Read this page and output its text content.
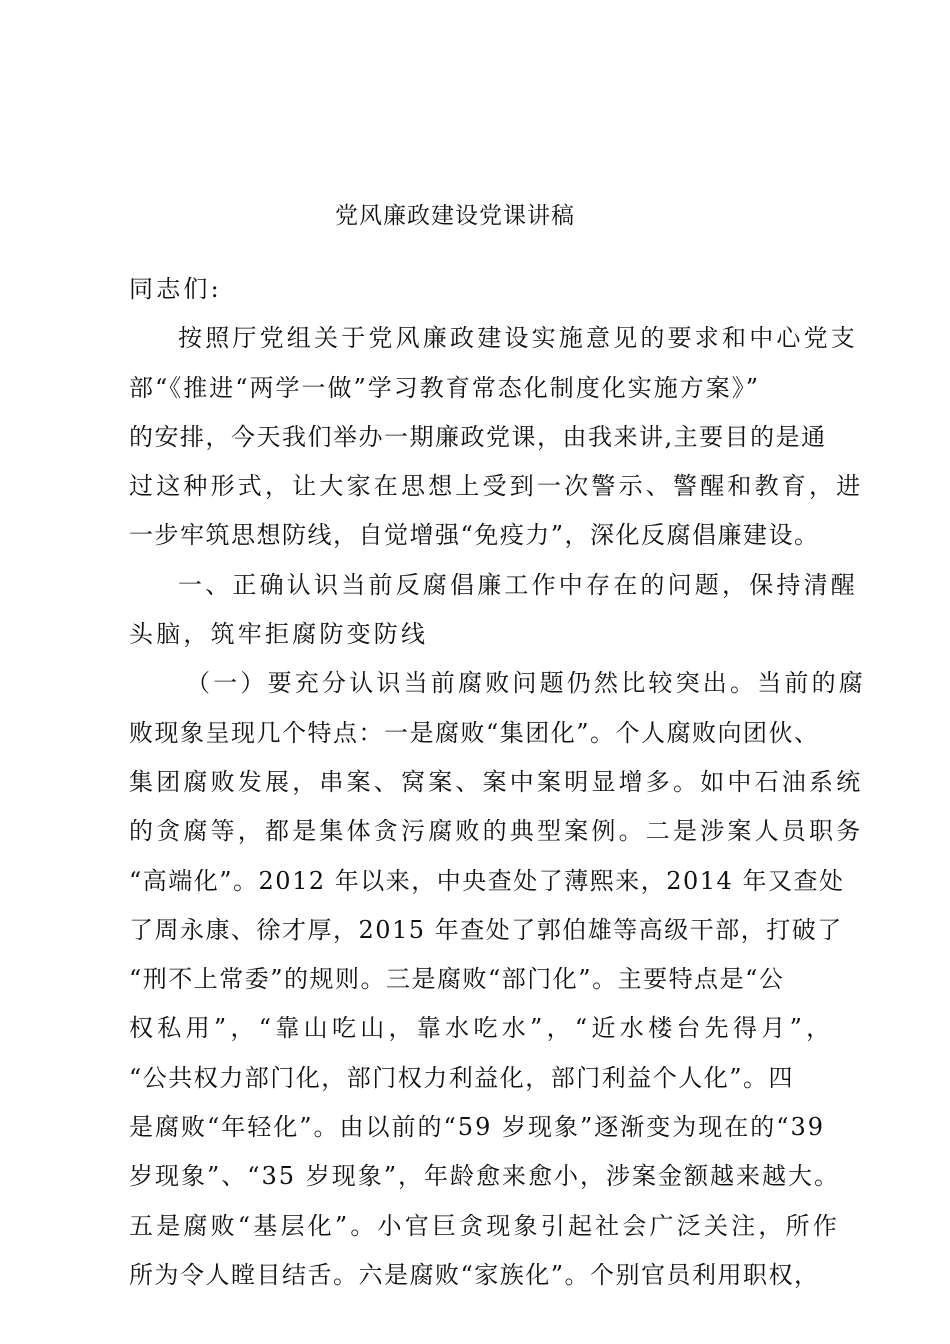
党风廉政建设党课讲稿
同志们:
按照厅党组关于党风廉政建设实施意见的要求和中心党支
部“《推进“两学一做”学习教育常态化制度化实施方案》”
的安排，今天我们举办一期廉政党课，由我来讲,主要目的是通
过这种形式，让大家在思想上受到一次警示、警醒和教育，进
一步牢筑思想防线，自觉增强“免疫力”，深化反腐倡廉建设。
一、正确认识当前反腐倡廉工作中存在的问题，保持清醒
头脑，筑牢拒腐防变防线
（一）要充分认识当前腐败问题仍然比较突出。当前的腐
败现象呈现几个特点：一是腐败“集团化”。个人腐败向团伙、
集团腐败发展，串案、窝案、案中案明显增多。如中石油系统
的贪腐等，都是集体贪污腐败的典型案例。二是涉案人员职务
“高端化”。2012 年以来，中央查处了薄熙来，2014 年又查处
了周永康、徐才厚，2015 年查处了郭伯雄等高级干部，打破了
“刑不上常委”的规则。三是腐败“部门化”。主要特点是“公
权私用”，“靠山吃山，靠水吃水”，“近水楼台先得月”，
“公共权力部门化，部门权力利益化，部门利益个人化”。四
是腐败“年轻化”。由以前的“59 岁现象”逐渐变为现在的“39
岁现象”、“35 岁现象”，年龄愈来愈小，涉案金额越来越大。
五是腐败“基层化”。小官巨贪现象引起社会广泛关注，所作
所为令人瞠目结舌。六是腐败“家族化”。个别官员利用职权，
